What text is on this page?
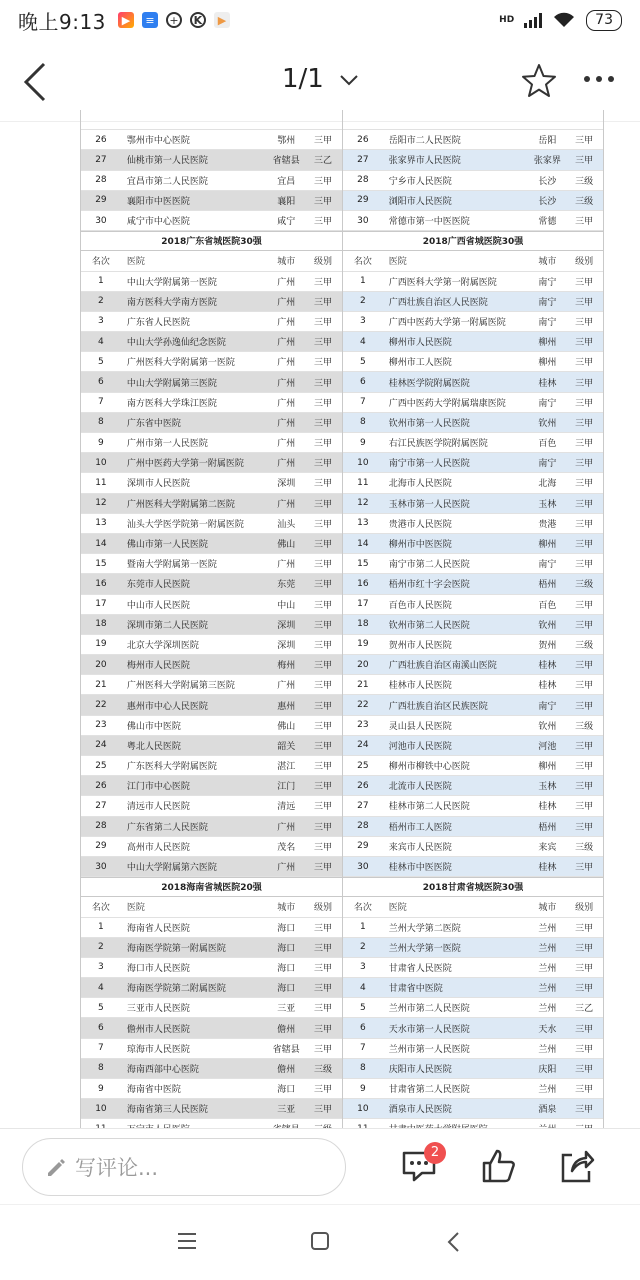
晚上9:13	▶	≡	+	K	▶	HD	73
1/1
26	鄂州市中心医院	鄂州	三甲
27	仙桃市第一人民医院	省辖县	三乙
28	宜昌市第二人民医院	宜昌	三甲
29	襄阳市中医医院	襄阳	三甲
30	咸宁市中心医院	咸宁	三甲
2018广东省城医院30强
名次	医院	城市	级别
1	中山大学附属第一医院	广州	三甲
2	南方医科大学南方医院	广州	三甲
3	广东省人民医院	广州	三甲
4	中山大学孙逸仙纪念医院	广州	三甲
5	广州医科大学附属第一医院	广州	三甲
6	中山大学附属第三医院	广州	三甲
7	南方医科大学珠江医院	广州	三甲
8	广东省中医院	广州	三甲
9	广州市第一人民医院	广州	三甲
10	广州中医药大学第一附属医院	广州	三甲
11	深圳市人民医院	深圳	三甲
12	广州医科大学附属第二医院	广州	三甲
13	汕头大学医学院第一附属医院	汕头	三甲
14	佛山市第一人民医院	佛山	三甲
15	暨南大学附属第一医院	广州	三甲
16	东莞市人民医院	东莞	三甲
17	中山市人民医院	中山	三甲
18	深圳市第二人民医院	深圳	三甲
19	北京大学深圳医院	深圳	三甲
20	梅州市人民医院	梅州	三甲
21	广州医科大学附属第三医院	广州	三甲
22	惠州市中心人民医院	惠州	三甲
23	佛山市中医院	佛山	三甲
24	粤北人民医院	韶关	三甲
25	广东医科大学附属医院	湛江	三甲
26	江门市中心医院	江门	三甲
27	清远市人民医院	清远	三甲
28	广东省第二人民医院	广州	三甲
29	高州市人民医院	茂名	三甲
30	中山大学附属第六医院	广州	三甲
2018海南省城医院20强
名次	医院	城市	级别
1	海南省人民医院	海口	三甲
2	海南医学院第一附属医院	海口	三甲
3	海口市人民医院	海口	三甲
4	海南医学院第二附属医院	海口	三甲
5	三亚市人民医院	三亚	三甲
6	儋州市人民医院	儋州	三甲
7	琼海市人民医院	省辖县	三甲
8	海南西部中心医院	儋州	三级
9	海南省中医院	海口	三甲
10	海南省第三人民医院	三亚	三甲
26	岳阳市二人民医院	岳阳	三甲
27	张家界市人民医院	张家界	三甲
28	宁乡市人民医院	长沙	三级
29	浏阳市人民医院	长沙	三级
30	常德市第一中医医院	常德	三甲
2018广西省城医院30强
名次	医院	城市	级别
1	广西医科大学第一附属医院	南宁	三甲
2	广西壮族自治区人民医院	南宁	三甲
3	广西中医药大学第一附属医院	南宁	三甲
4	柳州市人民医院	柳州	三甲
5	柳州市工人医院	柳州	三甲
6	桂林医学院附属医院	桂林	三甲
7	广西中医药大学附属瑞康医院	南宁	三甲
8	钦州市第一人民医院	钦州	三甲
9	右江民族医学院附属医院	百色	三甲
10	南宁市第一人民医院	南宁	三甲
11	北海市人民医院	北海	三甲
12	玉林市第一人民医院	玉林	三甲
13	贵港市人民医院	贵港	三甲
14	柳州市中医医院	柳州	三甲
15	南宁市第二人民医院	南宁	三甲
16	梧州市红十字会医院	梧州	三级
17	百色市人民医院	百色	三甲
18	钦州市第二人民医院	钦州	三甲
19	贺州市人民医院	贺州	三级
20	广西壮族自治区南溪山医院	桂林	三甲
21	桂林市人民医院	桂林	三甲
22	广西壮族自治区民族医院	南宁	三甲
23	灵山县人民医院	钦州	三级
24	河池市人民医院	河池	三甲
25	柳州市柳铁中心医院	柳州	三甲
26	北流市人民医院	玉林	三甲
27	桂林市第二人民医院	桂林	三甲
28	梧州市工人医院	梧州	三甲
29	来宾市人民医院	来宾	三级
30	桂林市中医医院	桂林	三甲
2018甘肃省城医院30强
名次	医院	城市	级别
1	兰州大学第二医院	兰州	三甲
2	兰州大学第一医院	兰州	三甲
3	甘肃省人民医院	兰州	三甲
4	甘肃省中医院	兰州	三甲
5	兰州市第二人民医院	兰州	三乙
6	天水市第一人民医院	天水	三甲
7	兰州市第一人民医院	兰州	三甲
8	庆阳市人民医院	庆阳	三甲
9	甘肃省第二人民医院	兰州	三甲
10	酒泉市人民医院	酒泉	三甲
写评论...
2
